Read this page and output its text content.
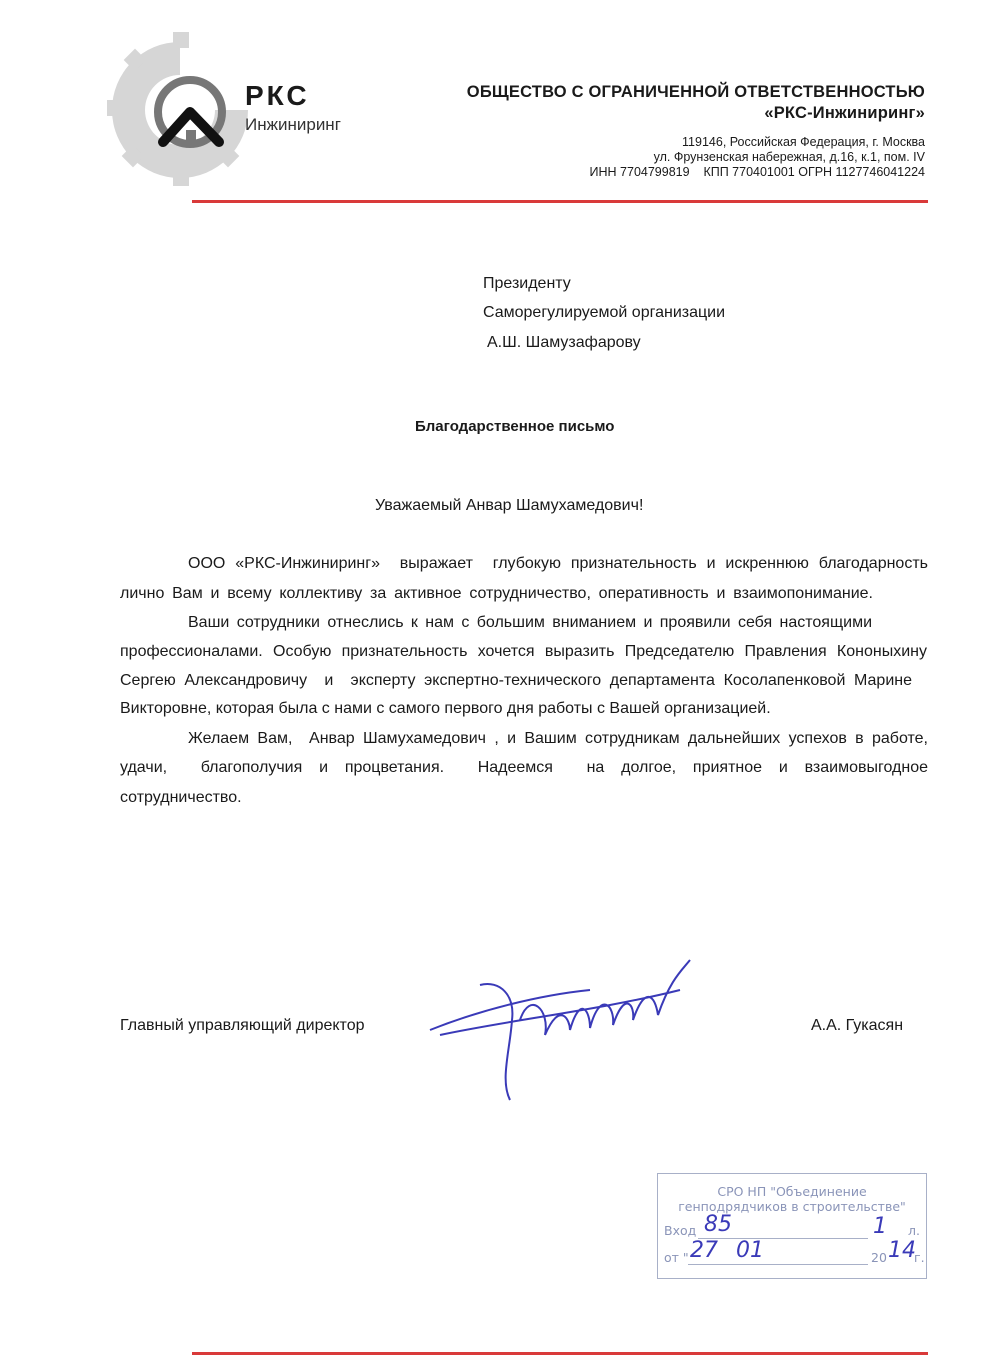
РКС
Инжиниринг
ОБЩЕСТВО С ОГРАНИЧЕННОЙ ОТВЕТСТВЕННОСТЬЮ
«РКС-Инжиниринг»
119146, Российская Федерация, г. Москва
ул. Фрунзенская набережная, д.16, к.1, пом. IV
ИНН 7704799819    КПП 770401001 ОГРН 1127746041224
Президенту
Саморегулируемой организации
А.Ш. Шамузафарову
Благодарственное письмо
Уважаемый Анвар Шамухамедович!
ООО «РКС-Инжиниринг»  выражает  глубокую признательность и искреннюю благодарность
лично Вам и всему коллективу за активное сотрудничество, оперативность и взаимопонимание.
Ваши сотрудники отнеслись к нам с большим вниманием и проявили себя настоящими
профессионалами. Особую признательность хочется выразить Председателю Правления Кононыхину
Сергею Александровичу  и  эксперту экспертно-технического департамента Косолапенковой Марине
Викторовне, которая была с нами с самого первого дня работы с Вашей организацией.
Желаем Вам,  Анвар Шамухамедович , и Вашим сотрудникам дальнейших успехов в работе,
удачи,  благополучия и процветания.  Надеемся  на долгое, приятное и взаимовыгодное
сотрудничество.
Главный управляющий директор	А.А. Гукасян
СРО НП "Объединение
генподрядчиков в строительстве"
Вход 85	1 л.
от " 27 01	20 14
г.
